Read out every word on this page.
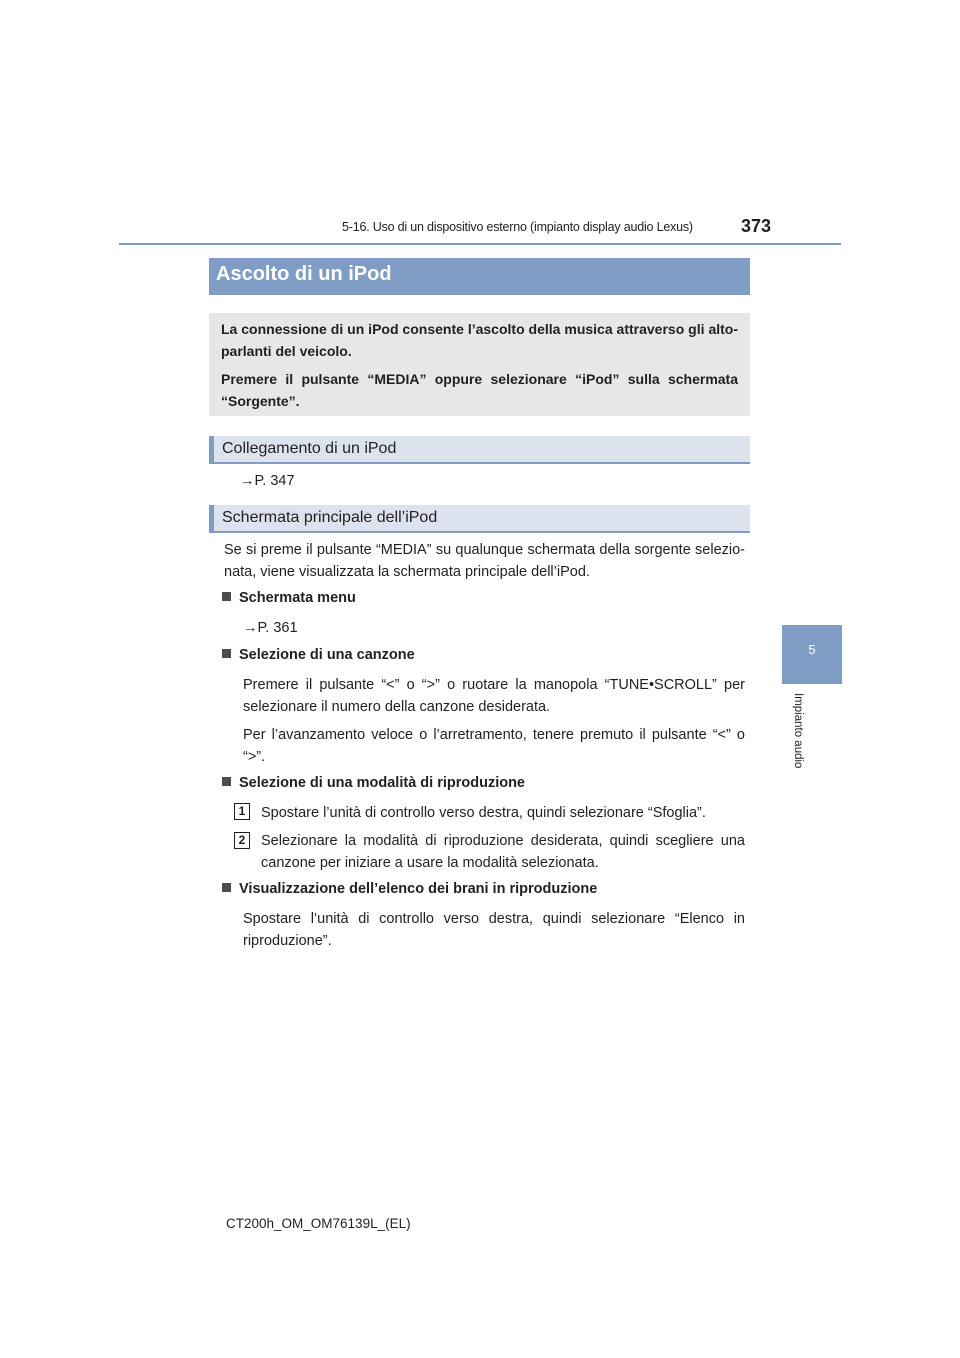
5-16. Uso di un dispositivo esterno (impianto display audio Lexus)	373
5
Impianto audio
Ascolto di un iPod

La connessione di un iPod consente l’ascolto della musica attraverso gli alto-parlanti del veicolo.

Premere il pulsante “MEDIA” oppure selezionare “iPod” sulla schermata “Sorgente”.

Collegamento di un iPod
→P. 347
Schermata principale dell’iPod
Se si preme il pulsante “MEDIA” su qualunque schermata della sorgente selezio-nata, viene visualizzata la schermata principale dell’iPod.
Schermata menu
→P. 361
Selezione di una canzone
Premere il pulsante “<” o “>” o ruotare la manopola “TUNE•SCROLL” per selezionare il numero della canzone desiderata.
Per l’avanzamento veloce o l’arretramento, tenere premuto il pulsante “<” o “>”.
Selezione di una modalità di riproduzione
1	Spostare l’unità di controllo verso destra, quindi selezionare “Sfoglia”.
2	Selezionare la modalità di riproduzione desiderata, quindi scegliere una canzone per iniziare a usare la modalità selezionata.
Visualizzazione dell’elenco dei brani in riproduzione
Spostare l’unità di controllo verso destra, quindi selezionare “Elenco in riproduzione”.
CT200h_OM_OM76139L_(EL)
